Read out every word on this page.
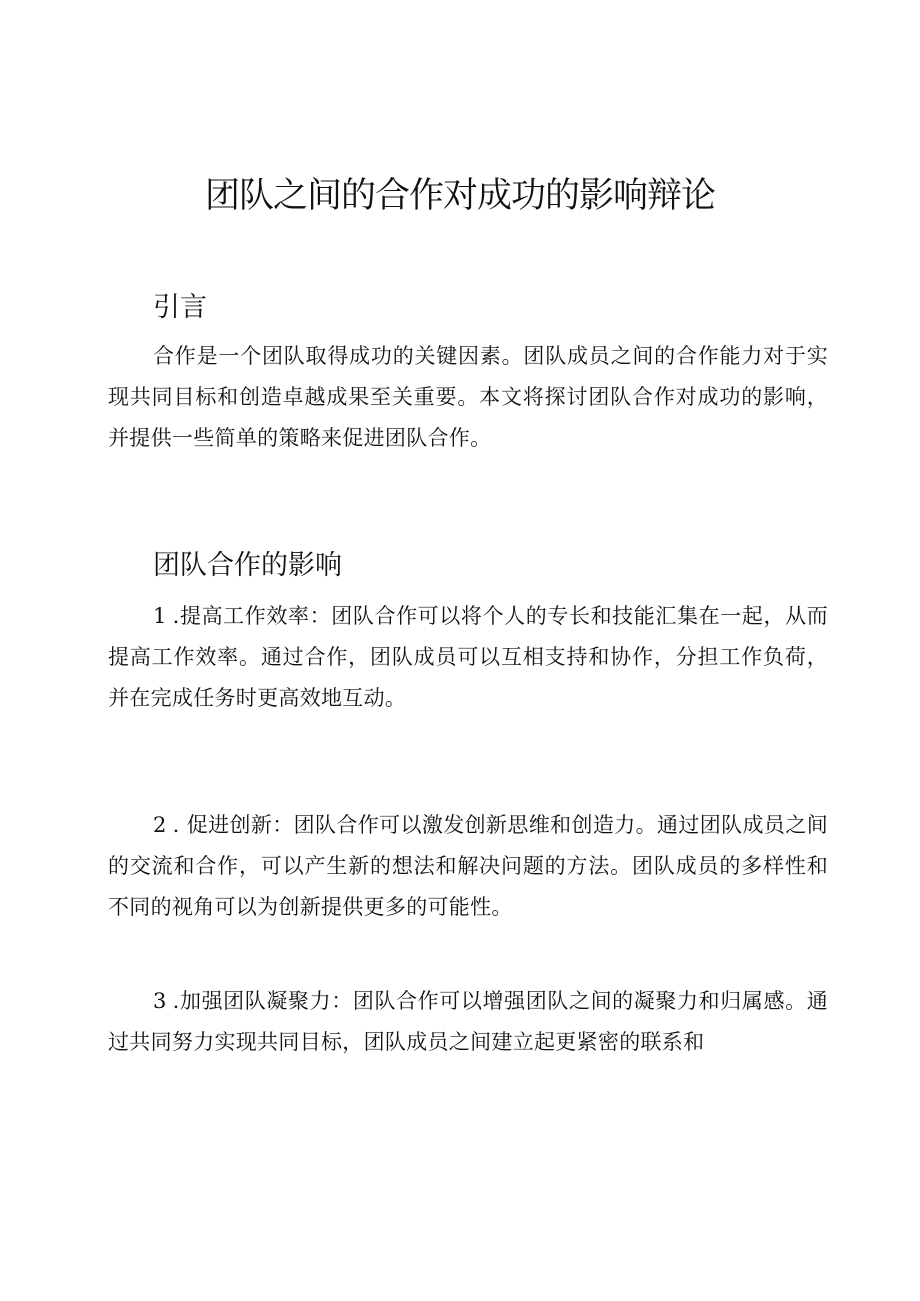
团队之间的合作对成功的影响辩论
引言
合作是一个团队取得成功的关键因素。团队成员之间的合作能力对于实现共同目标和创造卓越成果至关重要。本文将探讨团队合作对成功的影响，并提供一些简单的策略来促进团队合作。
团队合作的影响
1 .提高工作效率：团队合作可以将个人的专长和技能汇集在一起，从而提高工作效率。通过合作，团队成员可以互相支持和协作，分担工作负荷，并在完成任务时更高效地互动。
2 . 促进创新：团队合作可以激发创新思维和创造力。通过团队成员之间的交流和合作，可以产生新的想法和解决问题的方法。团队成员的多样性和不同的视角可以为创新提供更多的可能性。
3 .加强团队凝聚力：团队合作可以增强团队之间的凝聚力和归属感。通过共同努力实现共同目标，团队成员之间建立起更紧密的联系和
